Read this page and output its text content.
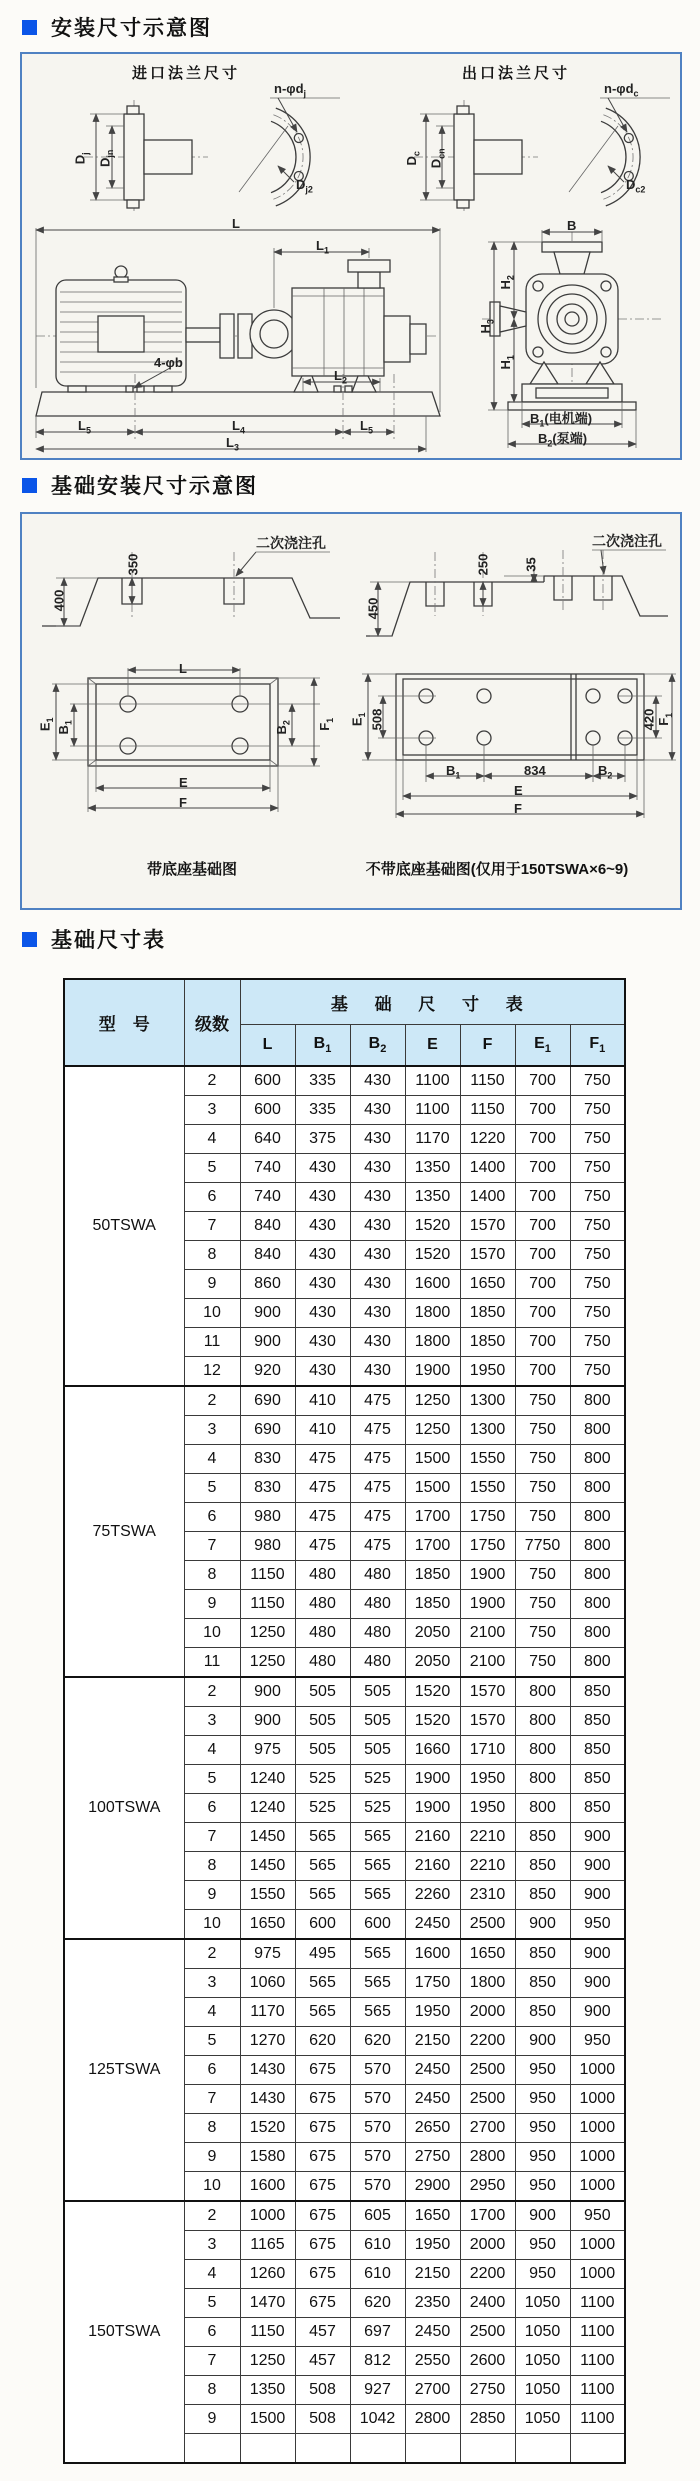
安装尺寸示意图
进口法兰尺寸
$D_j$
$D_{jn}$
$n-\varphi d_j$
$D_{j2}$
出口法兰尺寸
$D_c$
$D_{cn}$
$n-\varphi d_c$
$D_{c2}$
L
$L_1$
4-φb
$L_2$
$L_5$	$L_4$	$L_5$
$L_3$
B
$H_3$
$H_2$
$H_1$
$B_1$(电机端)
$B_2$(泵端)
基础安装尺寸示意图
400
350
二次浇注孔
450
250	35
二次浇注孔
L
$E_1$
$B_1$
$B_2$
$F_1$
E
F
$E_1$ 508	420 $F_1$
$B_1$	834	$B_2$
E
F
带底座基础图	不带底座基础图(仅用于150TSWA×6~9)
基础尺寸表
型　号	级数	基 础 尺 寸 表						
		L	$B_1$	$B_2$	E	F	$E_1$	$F_1$
50TSWA	2	600	335	430	1100	1150	700	750
	3	600	335	430	1100	1150	700	750
	4	640	375	430	1170	1220	700	750
	5	740	430	430	1350	1400	700	750
	6	740	430	430	1350	1400	700	750
	7	840	430	430	1520	1570	700	750
	8	840	430	430	1520	1570	700	750
	9	860	430	430	1600	1650	700	750
	10	900	430	430	1800	1850	700	750
	11	900	430	430	1800	1850	700	750
	12	920	430	430	1900	1950	700	750
75TSWA	2	690	410	475	1250	1300	750	800
	3	690	410	475	1250	1300	750	800
	4	830	475	475	1500	1550	750	800
	5	830	475	475	1500	1550	750	800
	6	980	475	475	1700	1750	750	800
	7	980	475	475	1700	1750	7750	800
	8	1150	480	480	1850	1900	750	800
	9	1150	480	480	1850	1900	750	800
	10	1250	480	480	2050	2100	750	800
	11	1250	480	480	2050	2100	750	800
100TSWA	2	900	505	505	1520	1570	800	850
	3	900	505	505	1520	1570	800	850
	4	975	505	505	1660	1710	800	850
	5	1240	525	525	1900	1950	800	850
	6	1240	525	525	1900	1950	800	850
	7	1450	565	565	2160	2210	850	900
	8	1450	565	565	2160	2210	850	900
	9	1550	565	565	2260	2310	850	900
	10	1650	600	600	2450	2500	900	950
125TSWA	2	975	495	565	1600	1650	850	900
	3	1060	565	565	1750	1800	850	900
	4	1170	565	565	1950	2000	850	900
	5	1270	620	620	2150	2200	900	950
	6	1430	675	570	2450	2500	950	1000
	7	1430	675	570	2450	2500	950	1000
	8	1520	675	570	2650	2700	950	1000
	9	1580	675	570	2750	2800	950	1000
	10	1600	675	570	2900	2950	950	1000
150TSWA	2	1000	675	605	1650	1700	900	950
	3	1165	675	610	1950	2000	950	1000
	4	1260	675	610	2150	2200	950	1000
	5	1470	675	620	2350	2400	1050	1100
	6	1150	457	697	2450	2500	1050	1100
	7	1250	457	812	2550	2600	1050	1100
	8	1350	508	927	2700	2750	1050	1100
	9	1500	508	1042	2800	2850	1050	1100
